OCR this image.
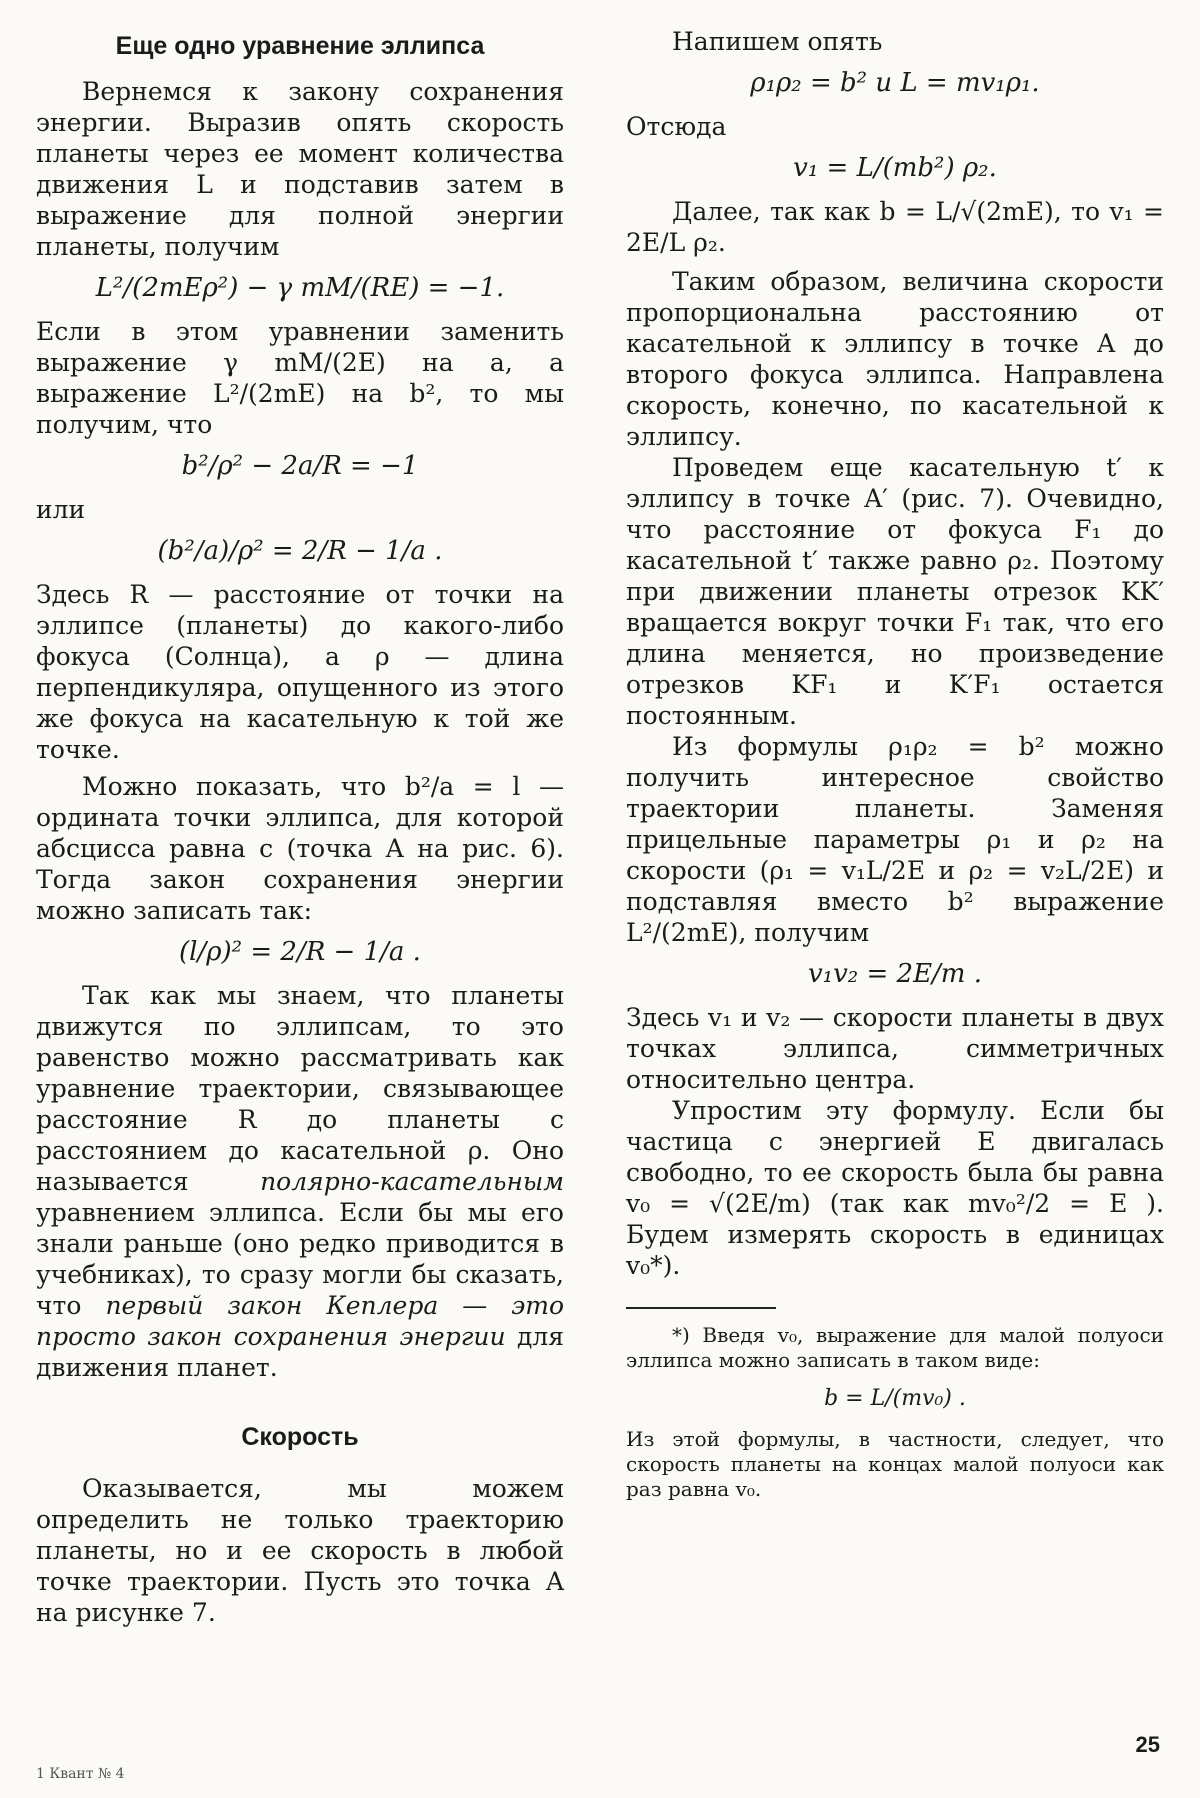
Еще одно уравнение эллипса

Вернемся к закону сохранения энергии. Выразив опять скорость планеты через ее момент количества движения L и подставив затем в выражение для полной энергии планеты, получим

L²/(2mEρ²) − γ mM/(RE) = −1.

Если в этом уравнении заменить выражение γ mM/(2E) на a, а выражение L²/(2mE) на b², то мы получим, что

b²/ρ² − 2a/R = −1

или

(b²/a)/ρ² = 2/R − 1/a .

Здесь R — расстояние от точки на эллипсе (планеты) до какого-либо фокуса (Солнца), а ρ — длина перпендикуляра, опущенного из этого же фокуса на касательную к той же точке.

Можно показать, что b²/a = l — ордината точки эллипса, для которой абсцисса равна c (точка A на рис. 6). Тогда закон сохранения энергии можно записать так:

(l/ρ)² = 2/R − 1/a .

Так как мы знаем, что планеты движутся по эллипсам, то это равенство можно рассматривать как уравнение траектории, связывающее расстояние R до планеты с расстоянием до касательной ρ. Оно называется полярно-касательным уравнением эллипса. Если бы мы его знали раньше (оно редко приводится в учебниках), то сразу могли бы сказать, что первый закон Кеплера — это просто закон сохранения энергии для движения планет.

Скорость

Оказывается, мы можем определить не только траекторию планеты, но и ее скорость в любой точке траектории. Пусть это точка A на рисунке 7.

Напишем опять

ρ₁ρ₂ = b² и L = mv₁ρ₁.

Отсюда

v₁ = L/(mb²) ρ₂.

Далее, так как b = L/√(2mE), то v₁ = 2E/L ρ₂.

Таким образом, величина скорости пропорциональна расстоянию от касательной к эллипсу в точке A до второго фокуса эллипса. Направлена скорость, конечно, по касательной к эллипсу.

Проведем еще касательную t′ к эллипсу в точке A′ (рис. 7). Очевидно, что расстояние от фокуса F₁ до касательной t′ также равно ρ₂. Поэтому при движении планеты отрезок KK′ вращается вокруг точки F₁ так, что его длина меняется, но произведение отрезков KF₁ и K′F₁ остается постоянным.

Из формулы ρ₁ρ₂ = b² можно получить интересное свойство траектории планеты. Заменяя прицельные параметры ρ₁ и ρ₂ на скорости (ρ₁ = v₁L/2E и ρ₂ = v₂L/2E) и подставляя вместо b² выражение L²/(2mE), получим

v₁v₂ = 2E/m .

Здесь v₁ и v₂ — скорости планеты в двух точках эллипса, симметричных относительно центра.

Упростим эту формулу. Если бы частица с энергией E двигалась свободно, то ее скорость была бы равна v₀ = √(2E/m) (так как mv₀²/2 = E ). Будем измерять скорость в единицах v₀*).

*) Введя v₀, выражение для малой полуоси эллипса можно записать в таком виде:

b = L/(mv₀) .

Из этой формулы, в частности, следует, что скорость планеты на концах малой полуоси как раз равна v₀.

1 Квант № 4
25
